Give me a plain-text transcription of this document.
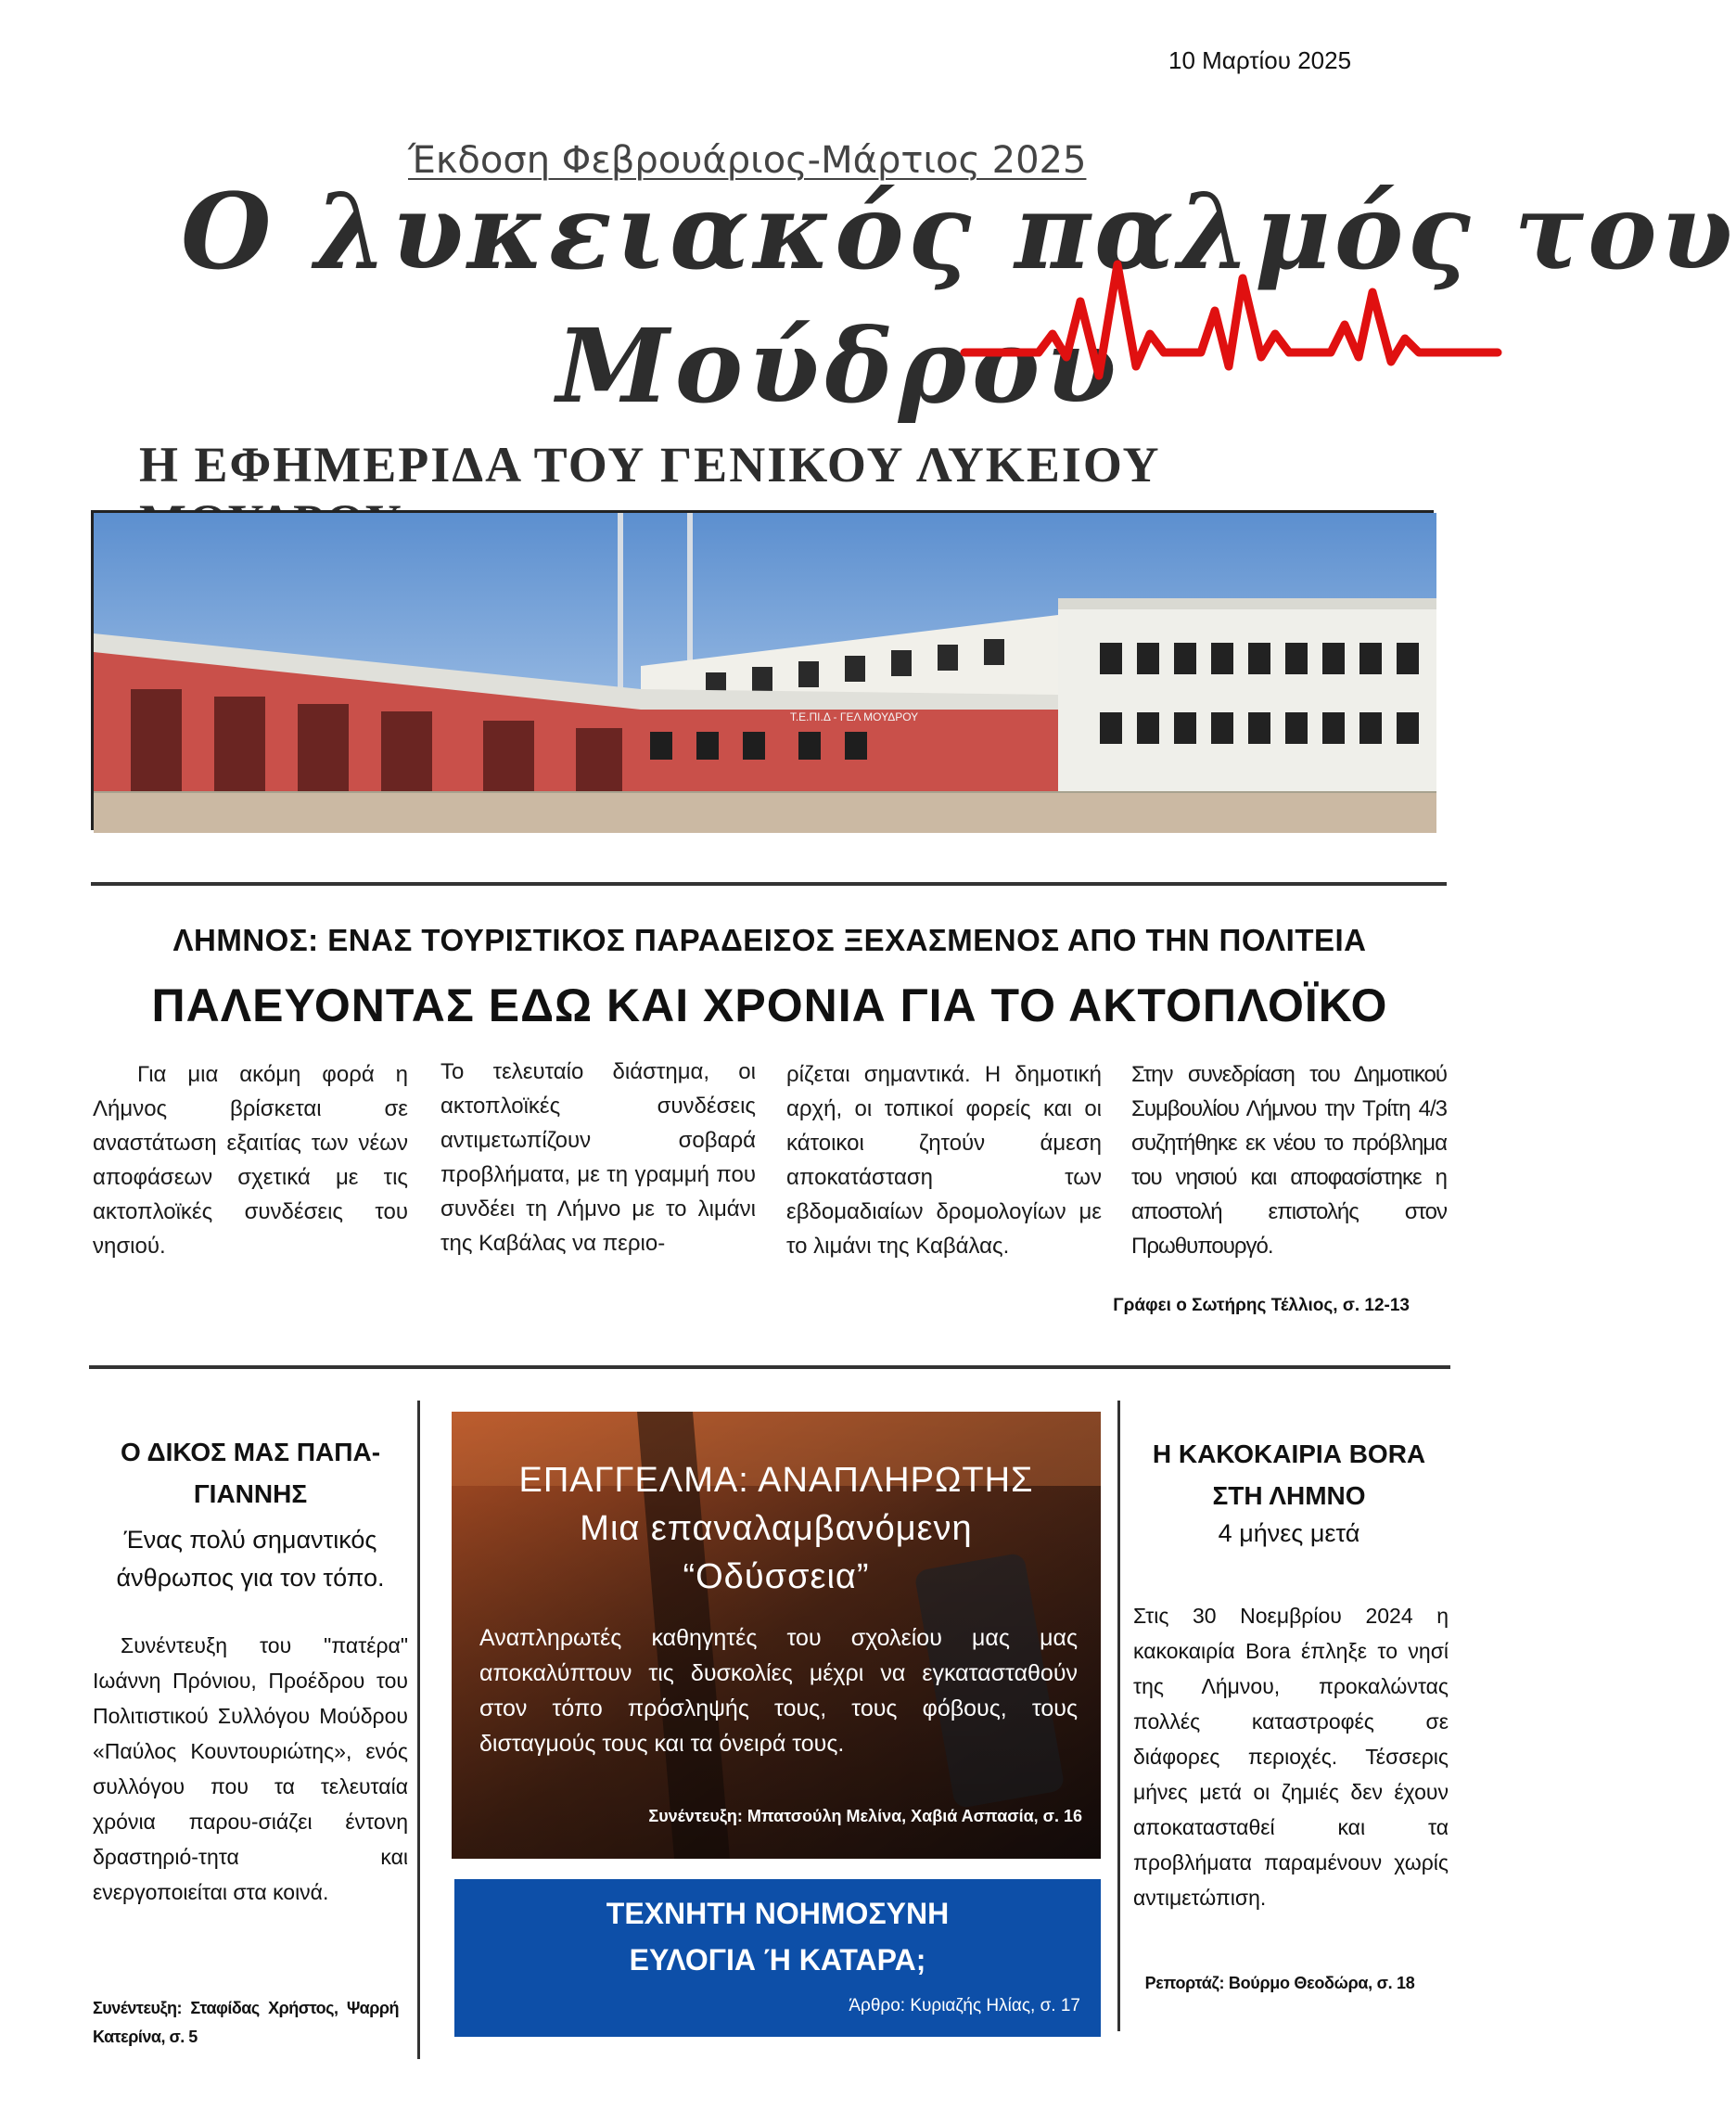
10 Μαρτίου 2025
Έκδοση Φεβρουάριος-Μάρτιος 2025
Ο λυκειακός παλμός του
Μούδρου
Η ΕΦΗΜΕΡΙΔΑ ΤΟΥ ΓΕΝΙΚΟΥ ΛΥΚΕΙΟΥ
Τ.Ε.ΠΙ.Δ - ΓΕΛ ΜΟΥΔΡΟΥ
ΛΗΜΝΟΣ: ΕΝΑΣ ΤΟΥΡΙΣΤΙΚΟΣ ΠΑΡΑΔΕΙΣΟΣ ΞΕΧΑΣΜΕΝΟΣ ΑΠΟ ΤΗΝ ΠΟΛΙΤΕΙΑ
ΠΑΛΕΥΟΝΤΑΣ ΕΔΩ ΚΑΙ ΧΡΟΝΙΑ ΓΙΑ ΤΟ ΑΚΤΟΠΛΟΪΚΟ

Για μια ακόμη φορά η Λήμνος βρίσκεται σε αναστάτωση εξαιτίας των νέων αποφάσεων σχετικά με τις ακτοπλοϊκές συνδέσεις του νησιού.

Το τελευταίο διάστημα, οι ακτοπλοϊκές συνδέσεις αντιμετωπίζουν σοβαρά προβλήματα, με τη γραμμή που συνδέει τη Λήμνο με το λιμάνι της Καβάλας να περιο-

ρίζεται σημαντικά. Η δημοτική αρχή, οι τοπικοί φορείς και οι κάτοικοι ζητούν άμεση αποκατάσταση των εβδομαδιαίων δρομολογίων με το λιμάνι της Καβάλας.

Στην συνεδρίαση του Δημοτικού Συμβουλίου Λήμνου την Τρίτη 4/3 συζητήθηκε εκ νέου το πρόβλημα του νησιού και αποφασίστηκε η αποστολή επιστολής στον Πρωθυπουργό.

Γράφει ο Σωτήρης Τέλλιος, σ. 12-13
Ο ΔΙΚΟΣ ΜΑΣ ΠΑΠΑ-ΓΙΑΝΝΗΣ
Ένας πολύ σημαντικός άνθρωπος για τον τόπο.

Συνέντευξη του "πατέρα" Ιωάννη Πρόνιου, Προέδρου του Πολιτιστικού Συλλόγου Μούδρου «Παύλος Κουντουριώτης», ενός συλλόγου που τα τελευταία χρόνια παρου-σιάζει έντονη δραστηριό-τητα και ενεργοποιείται στα κοινά.

Συνέντευξη: Σταφίδας Χρήστος, Ψαρρή Κατερίνα, σ. 5

ΕΠΑΓΓΕΛΜΑ: ΑΝΑΠΛΗΡΩΤΗΣ
Μια επαναλαμβανόμενη
“Οδύσσεια”

Αναπληρωτές καθηγητές του σχολείου μας μας αποκαλύπτουν τις δυσκολίες μέχρι να εγκατασταθούν στον τόπο πρόσληψής τους, τους φόβους, τους δισταγμούς τους και τα όνειρά τους.

Συνέντευξη: Μπατσούλη Μελίνα, Χαβιά Ασπασία, σ. 16
ΤΕΧΝΗΤΗ ΝΟΗΜΟΣΥΝΗ
ΕΥΛΟΓΙΑ Ή ΚΑΤΑΡΑ;
Άρθρο: Κυριαζής Ηλίας, σ. 17
Η ΚΑΚΟΚΑΙΡΙΑ BORA ΣΤΗ ΛΗΜΝΟ
4 μήνες μετά

Στις 30 Νοεμβρίου 2024 η κακοκαιρία Bora έπληξε το νησί της Λήμνου, προκαλώντας πολλές καταστροφές σε διάφορες περιοχές. Τέσσερις μήνες μετά οι ζημιές δεν έχουν αποκατασταθεί και τα προβλήματα παραμένουν χωρίς αντιμετώπιση.

Ρεπορτάζ: Βούρμο Θεοδώρα, σ. 18
